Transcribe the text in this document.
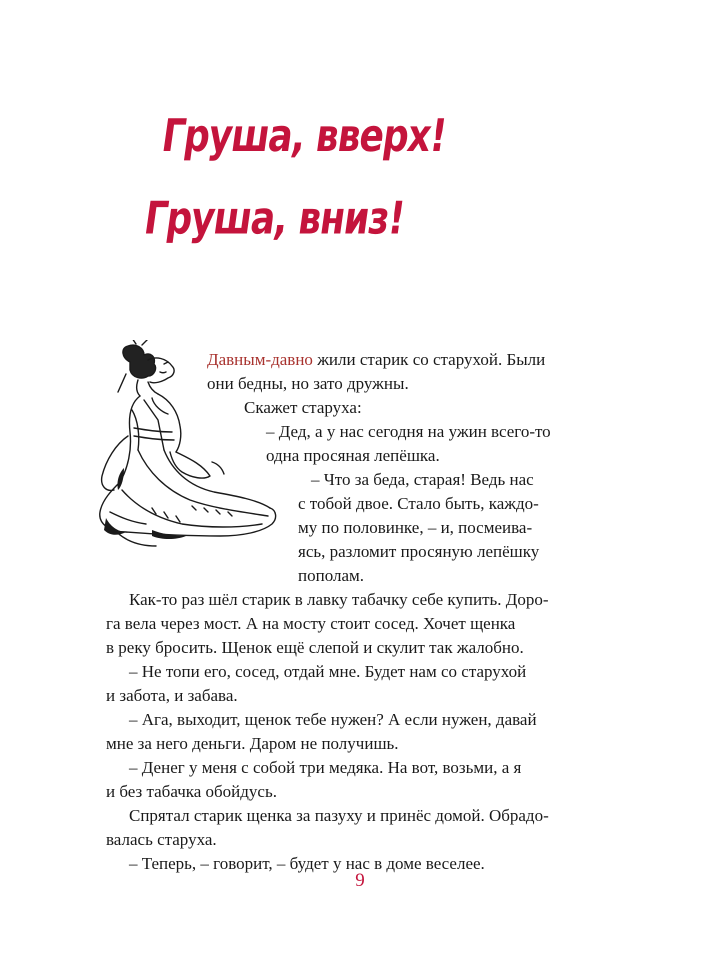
Груша, вверх!
Груша, вниз!
Давным-давно жили старик со старухой. Были
они бедны, но зато дружны.
Скажет старуха:
– Дед, а у нас сегодня на ужин всего-то
одна просяная лепёшка.
– Что за беда, старая! Ведь нас
с тобой двое. Стало быть, каждо-
му по половинке, – и, посмеива-
ясь, разломит просяную лепёшку
пополам.
Как-то раз шёл старик в лавку табачку себе купить. Доро-
га вела через мост. А на мосту стоит сосед. Хочет щенка
в реку бросить. Щенок ещё слепой и скулит так жалобно.
– Не топи его, сосед, отдай мне. Будет нам со старухой
и забота, и забава.
– Ага, выходит, щенок тебе нужен? А если нужен, давай
мне за него деньги. Даром не получишь.
– Денег у меня с собой три медяка. На вот, возьми, а я
и без табачка обойдусь.
Спрятал старик щенка за пазуху и принёс домой. Обрадо-
валась старуха.
– Теперь, – говорит, – будет у нас в доме веселее.
9
